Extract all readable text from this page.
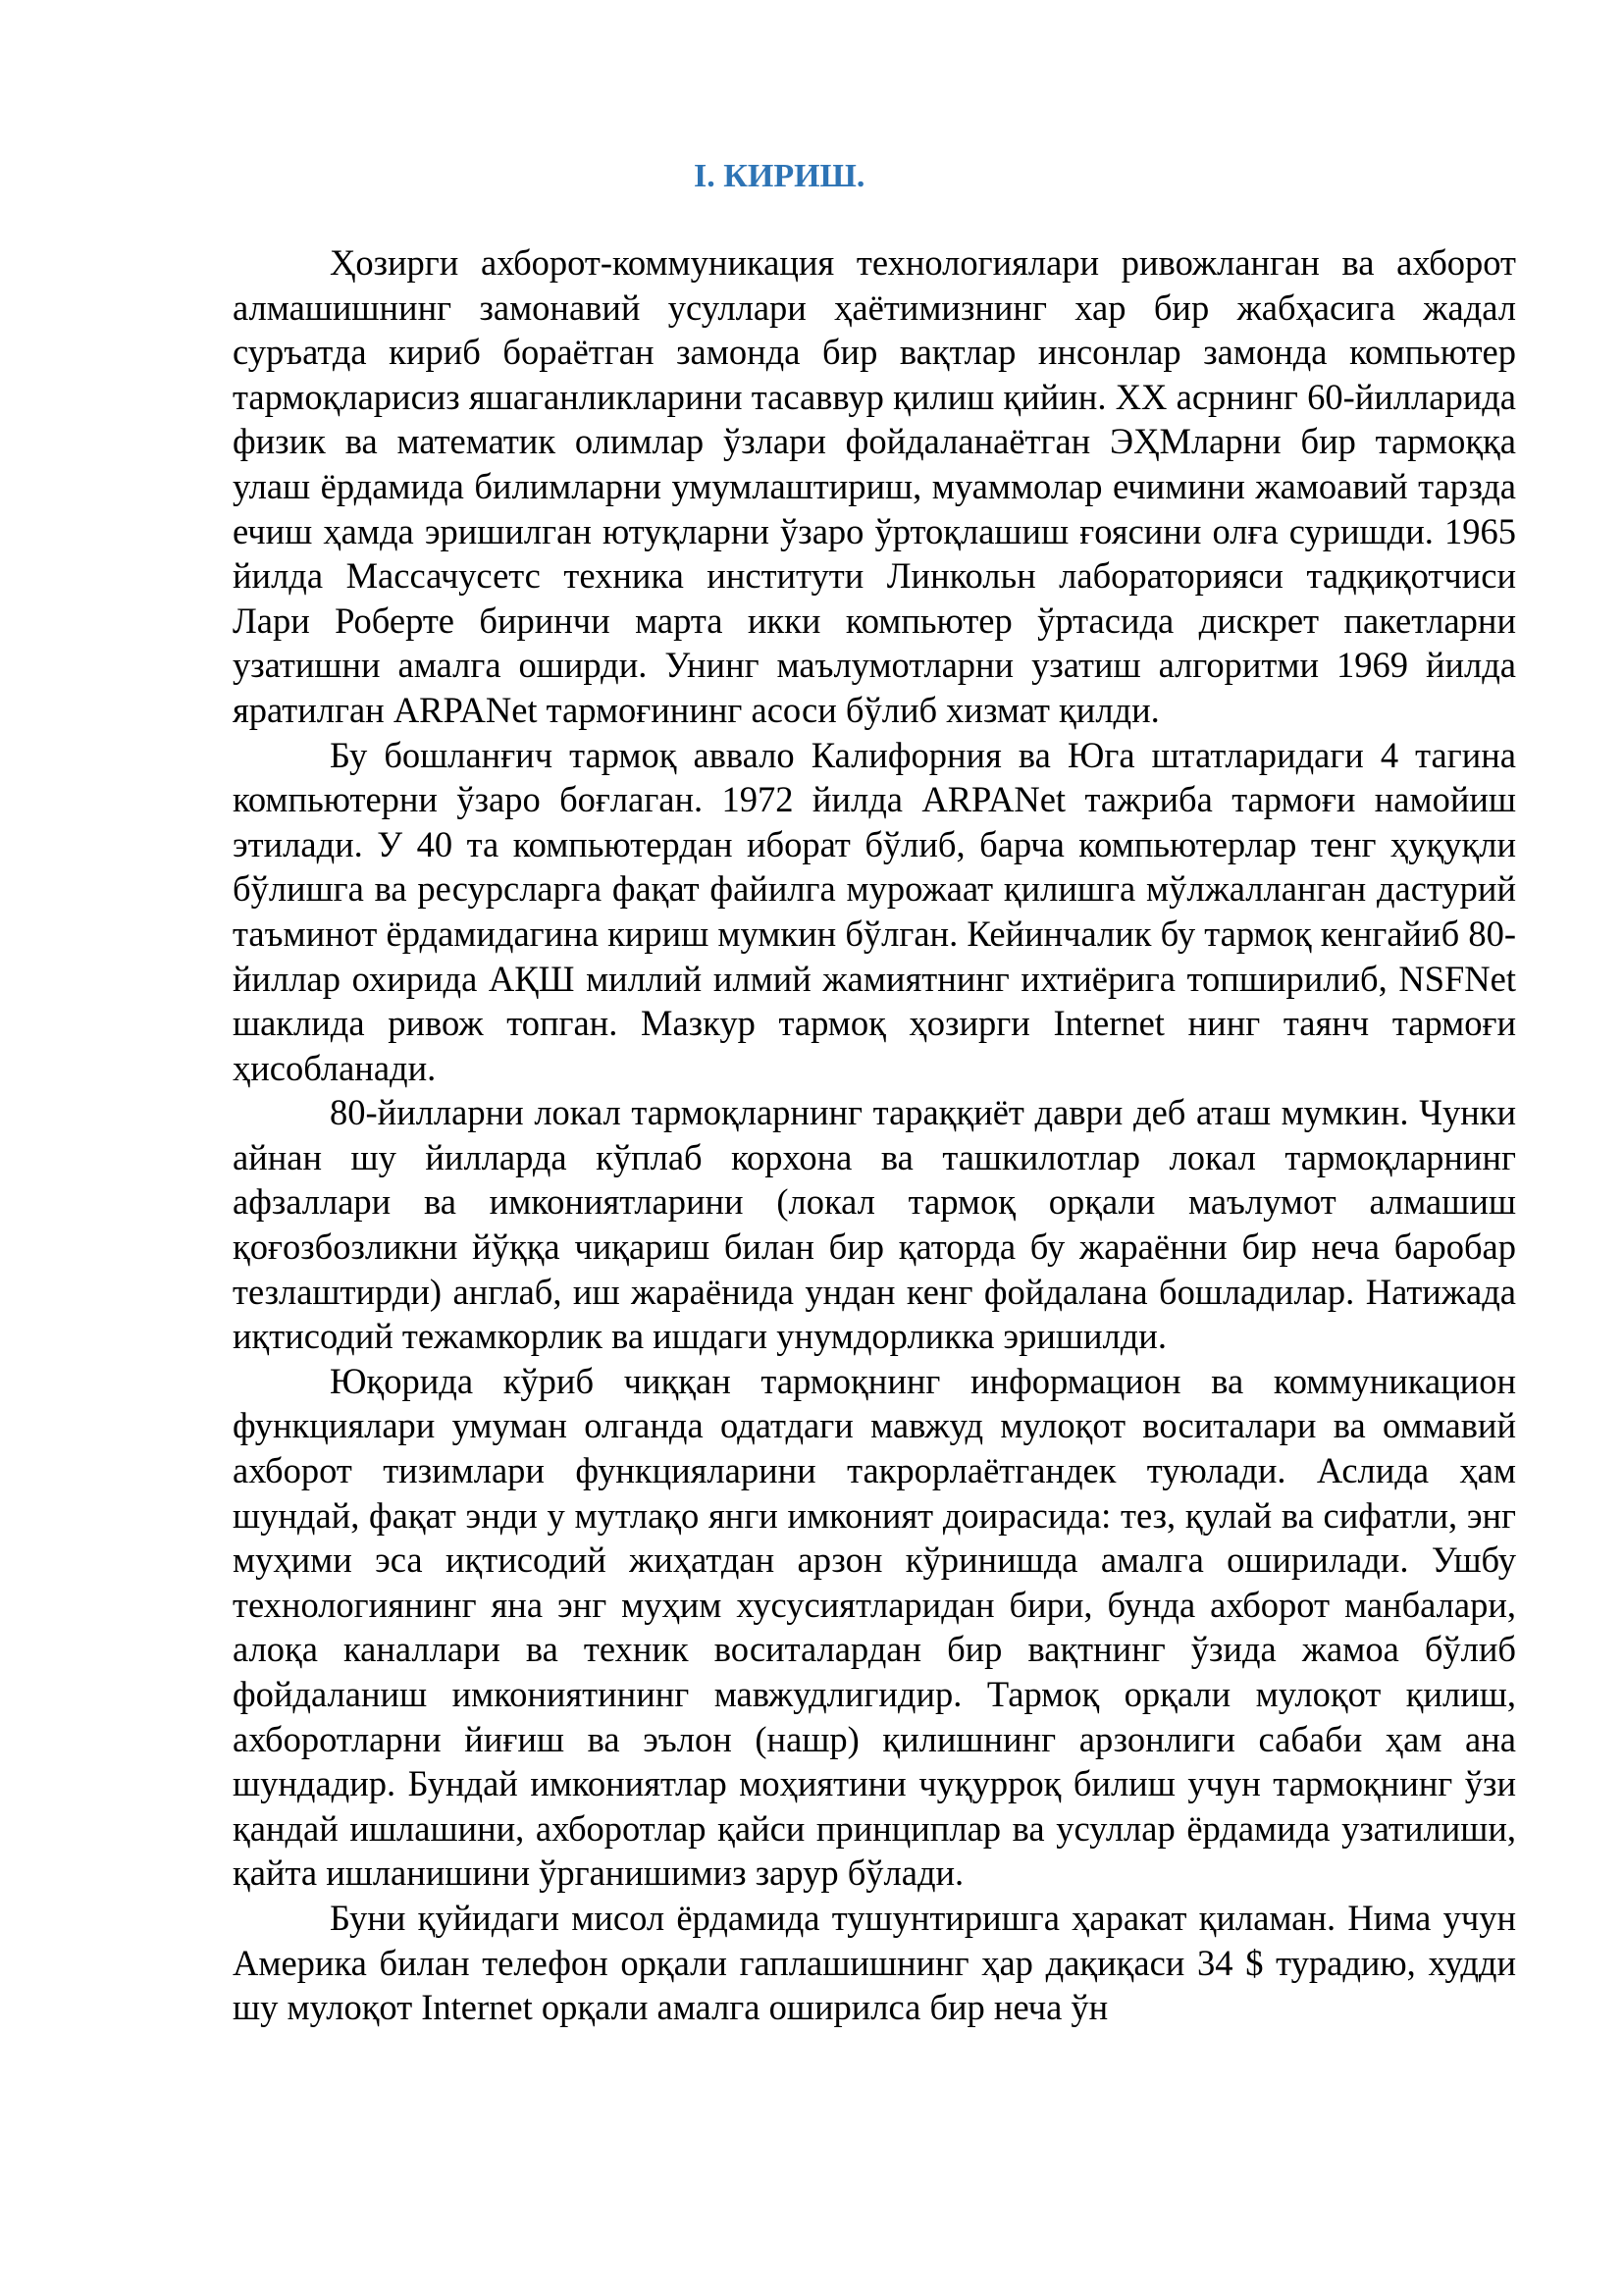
I. КИРИШ.

Ҳозирги ахборот-коммуникация технологиялари ривожланган ва ахборот алмашишнинг замонавий усуллари ҳаётимизнинг хар бир жабҳасига жадал суръатда кириб бораётган замонда бир вақтлар инсонлар замонда компьютер тармоқларисиз яшаганликларини тасаввур қилиш қийин. XX асрнинг 60-йилларида физик ва математик олимлар ўзлари фойдаланаётган ЭҲМларни бир тармоққа улаш ёрдамида билимларни умумлаштириш, муаммолар ечимини жамоавий тарзда ечиш ҳамда эришилган ютуқларни ўзаро ўртоқлашиш ғоясини олға суришди. 1965 йилда Массачусетс техника институти Линкольн лабораторияси тадқиқотчиси Лари Роберте биринчи марта икки компьютер ўртасида дискрет пакетларни узатишни амалга оширди. Унинг маълумотларни узатиш алгоритми 1969 йилда яратилган ARPANet тармоғининг асоси бўлиб хизмат қилди.

Бу бошланғич тармоқ аввало Калифорния ва Юга штатларидаги 4 тагина компьютерни ўзаро боғлаган. 1972 йилда ARPANet тажриба тармоғи намойиш этилади. У 40 та компьютердан иборат бўлиб, барча компьютерлар тенг ҳуқуқли бўлишга ва ресурсларга фақат файилга мурожаат қилишга мўлжалланган дастурий таъминот ёрдамидагина кириш мумкин бўлган. Кейинчалик бу тармоқ кенгайиб 80-йиллар охирида АҚШ миллий илмий жамиятнинг ихтиёрига топширилиб, NSFNet шаклида ривож топган. Мазкур тармоқ ҳозирги Internet нинг таянч тармоғи ҳисобланади.

80-йилларни локал тармоқларнинг тараққиёт даври деб аташ мумкин. Чунки айнан шу йилларда кўплаб корхона ва ташкилотлар локал тармоқларнинг афзаллари ва имкониятларини (локал тармоқ орқали маълумот алмашиш қоғозбозликни йўққа чиқариш билан бир қаторда бу жараённи бир неча баробар тезлаштирди) англаб, иш жараёнида ундан кенг фойдалана бошладилар. Натижада иқтисодий тежамкорлик ва ишдаги унумдорликка эришилди.

Юқорида кўриб чиққан тармоқнинг информацион ва коммуникацион функциялари умуман олганда одатдаги мавжуд мулоқот воситалари ва оммавий ахборот тизимлари функцияларини такрорлаётгандек туюлади. Аслида ҳам шундай, фақат энди у мутлақо янги имконият доирасида: тез, қулай ва сифатли, энг муҳими эса иқтисодий жиҳатдан арзон кўринишда амалга оширилади. Ушбу технологиянинг яна энг муҳим хусусиятларидан бири, бунда ахборот манбалари, алоқа каналлари ва техник воситалардан бир вақтнинг ўзида жамоа бўлиб фойдаланиш имкониятининг мавжудлигидир. Тармоқ орқали мулоқот қилиш, ахборотларни йиғиш ва эълон (нашр) қилишнинг арзонлиги сабаби ҳам ана шундадир. Бундай имкониятлар моҳиятини чуқуррoқ билиш учун тармоқнинг ўзи қандай ишлашини, ахборотлар қайси принциплар ва усуллар ёрдамида узатилиши, қайта ишланишини ўрганишимиз зарур бўлади.

Буни қуйидаги мисол ёрдамида тушунтиришга ҳаракат қиламан. Нима учун Америка билан телефон орқали гаплашишнинг ҳар дақиқаси 34 $ турадию, худди шу мулоқот Internet орқали амалга оширилса бир неча ўн
